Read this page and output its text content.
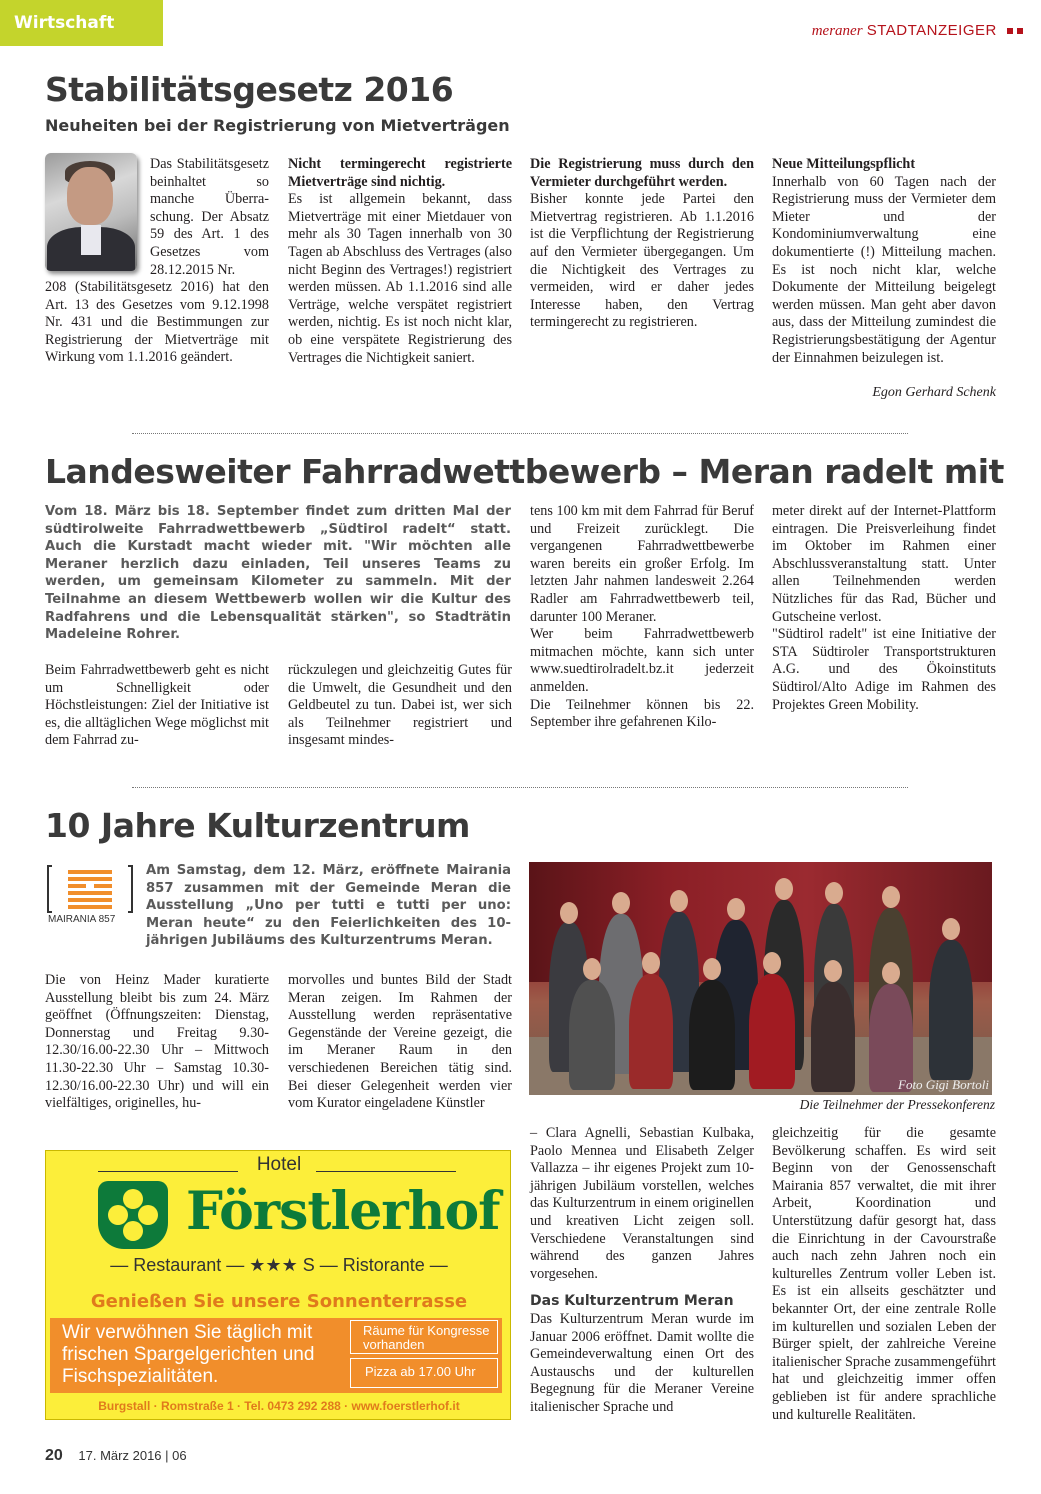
Wirtschaft	meraner STADTANZEIGER
Stabilitätsgesetz 2016
Neuheiten bei der Registrierung von Mietverträgen

Das Stabilitätsgesetz beinhaltet so manche Überraschung. Der Absatz 59 des Art. 1 des Gesetzes vom 28.12.2015 Nr.

208 (Stabilitätsgesetz 2016) hat den Art. 13 des Gesetzes vom 9.12.1998 Nr. 431 und die Bestimmungen zur Registrierung der Mietverträge mit Wirkung vom 1.1.2016 geändert.

Nicht termingerecht registrierte Mietverträge sind nichtig.

Es ist allgemein bekannt, dass Mietverträge mit einer Mietdauer von mehr als 30 Tagen innerhalb von 30 Tagen ab Abschluss des Vertrages (also nicht Beginn des Vertrages!) registriert werden müssen. Ab 1.1.2016 sind alle Verträge, welche verspätet registriert werden, nichtig. Es ist noch nicht klar, ob eine verspätete Registrierung des Vertrages die Nichtigkeit saniert.

Die Registrierung muss durch den Vermieter durchgeführt werden.

Bisher konnte jede Partei den Mietvertrag registrieren. Ab 1.1.2016 ist die Verpflichtung der Registrierung auf den Vermieter übergegangen. Um die Nichtigkeit des Vertrages zu vermeiden, wird er daher jedes Interesse haben, den Vertrag termingerecht zu registrieren.

Neue Mitteilungspflicht

Innerhalb von 60 Tagen nach der Registrierung muss der Vermieter dem Mieter und der Kondominiumverwaltung eine dokumentierte (!) Mitteilung machen. Es ist noch nicht klar, welche Dokumente der Mitteilung beigelegt werden müssen. Man geht aber davon aus, dass der Mitteilung zumindest die Registrierungsbestätigung der Agentur der Einnahmen beizulegen ist.

Egon Gerhard Schenk
Landesweiter Fahrradwettbewerb – Meran radelt mit
Vom 18. März bis 18. September findet zum dritten Mal der südtirolweite Fahrradwettbewerb „Südtirol radelt“ statt. Auch die Kurstadt macht wieder mit. "Wir möchten alle Meraner herzlich dazu einladen, Teil unseres Teams zu werden, um gemeinsam Kilometer zu sammeln. Mit der Teilnahme an diesem Wettbewerb wollen wir die Kultur des Radfahrens und die Lebensqualität stärken", so Stadträtin Madeleine Rohrer.

Beim Fahrradwettbewerb geht es nicht um Schnelligkeit oder Höchstleistungen: Ziel der Initiative ist es, die alltäglichen Wege möglichst mit dem Fahrrad zu-

rückzulegen und gleichzeitig Gutes für die Umwelt, die Gesundheit und den Geldbeutel zu tun. Dabei ist, wer sich als Teilnehmer registriert und insgesamt mindes-

tens 100 km mit dem Fahrrad für Beruf und Freizeit zurücklegt. Die vergangenen Fahrradwettbewerbe waren bereits ein großer Erfolg. Im letzten Jahr nahmen landesweit 2.264 Radler am Fahrradwettbewerb teil, darunter 100 Meraner.

Wer beim Fahrradwettbewerb mitmachen möchte, kann sich unter www.suedtirolradelt.bz.it jederzeit anmelden.

Die Teilnehmer können bis 22. September ihre gefahrenen Kilo-

meter direkt auf der Internet-Plattform eintragen. Die Preisverleihung findet im Oktober im Rahmen einer Abschlussveranstaltung statt. Unter allen Teilnehmenden werden Nützliches für das Rad, Bücher und Gutscheine verlost.

"Südtirol radelt" ist eine Initiative der STA Südtiroler Transportstrukturen A.G. und des Ökoinstituts Südtirol/Alto Adige im Rahmen des Projektes Green Mobility.

10 Jahre Kulturzentrum
MAIRANIA 857
Am Samstag, dem 12. März, eröffnete Mairania 857 zusammen mit der Gemeinde Meran die Ausstellung „Uno per tutti e tutti per uno: Meran heute“ zu den Feierlichkeiten des 10-jährigen Jubiläums des Kulturzentrums Meran.

Die von Heinz Mader kuratierte Ausstellung bleibt bis zum 24. März geöffnet (Öffnungszeiten: Dienstag, Donnerstag und Freitag 9.30-12.30/16.00-22.30 Uhr – Mittwoch 11.30-22.30 Uhr – Samstag 10.30-12.30/16.00-22.30 Uhr) und will ein vielfältiges, originelles, hu-

morvolles und buntes Bild der Stadt Meran zeigen. Im Rahmen der Ausstellung werden repräsentative Gegenstände der Vereine gezeigt, die im Meraner Raum in den verschiedenen Bereichen tätig sind. Bei dieser Gelegenheit werden vier vom Kurator eingeladene Künstler

Foto Gigi Bortoli
Die Teilnehmer der Pressekonferenz

– Clara Agnelli, Sebastian Kulbaka, Paolo Mennea und Elisabeth Zelger Vallazza – ihr eigenes Projekt zum 10-jährigen Jubiläum vorstellen, welches das Kulturzentrum in einem originellen und kreativen Licht zeigen soll. Verschiedene Veranstaltungen sind während des ganzen Jahres vorgesehen.

Das Kulturzentrum Meran

Das Kulturzentrum Meran wurde im Januar 2006 eröffnet. Damit wollte die Gemeindeverwaltung einen Ort des Austauschs und der kulturellen Begegnung für die Meraner Vereine italienischer Sprache und

gleichzeitig für die gesamte Bevölkerung schaffen. Es wird seit Beginn von der Genossenschaft Mairania 857 verwaltet, die mit ihrer Arbeit, Koordination und Unterstützung dafür gesorgt hat, dass die Einrichtung in der Cavourstraße auch nach zehn Jahren noch ein kulturelles Zentrum voller Leben ist. Es ist ein allseits geschätzter und bekannter Ort, der eine zentrale Rolle im kulturellen und sozialen Leben der Bürger spielt, der zahlreiche Vereine italienischer Sprache zusammengeführt hat und gleichzeitig immer offen geblieben ist für andere sprachliche und kulturelle Realitäten.

Hotel
Förstlerhof
— Restaurant — ★★★ S — Ristorante —
Genießen Sie unsere Sonnenterrasse
Wir verwöhnen Sie täglich mit frischen Spargelgerichten und Fischspezialitäten.
Räume für Kongresse vorhanden
Pizza ab 17.00 Uhr
Burgstall · Romstraße 1 · Tel. 0473 292 288 · www.foerstlerhof.it
20 17. März 2016 | 06
